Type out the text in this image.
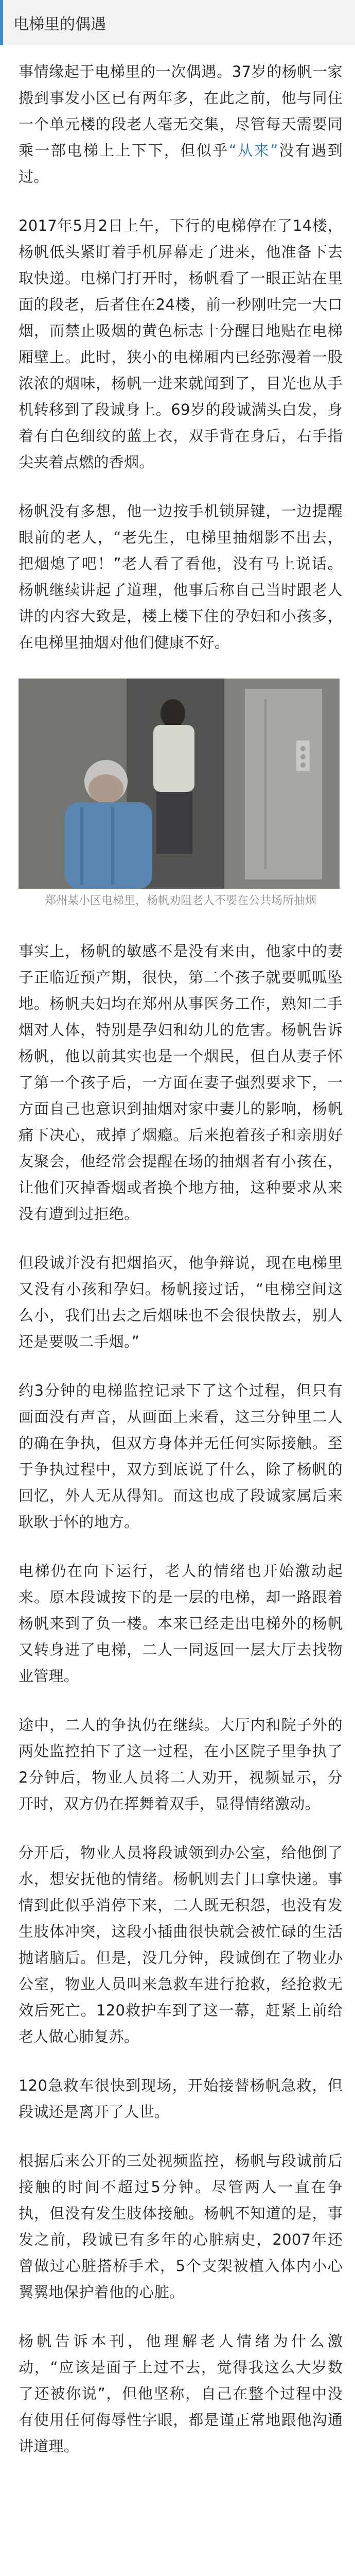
电梯里的偶遇

事情缘起于电梯里的一次偶遇。37岁的杨帆一家搬到事发小区已有两年多，在此之前，他与同住一个单元楼的段老人毫无交集，尽管每天需要同乘一部电梯上上下下，但似乎“从来”没有遇到过。

2017年5月2日上午，下行的电梯停在了14楼，杨帆低头紧盯着手机屏幕走了进来，他准备下去取快递。电梯门打开时，杨帆看了一眼正站在里面的段老，后者住在24楼，前一秒刚吐完一大口烟，而禁止吸烟的黄色标志十分醒目地贴在电梯厢壁上。此时，狭小的电梯厢内已经弥漫着一股浓浓的烟味，杨帆一进来就闻到了，目光也从手机转移到了段诚身上。69岁的段诚满头白发，身着有白色细纹的蓝上衣，双手背在身后，右手指尖夹着点燃的香烟。

杨帆没有多想，他一边按手机锁屏键，一边提醒眼前的老人，“老先生，电梯里抽烟影不出去，把烟熄了吧！”老人看了看他，没有马上说话。杨帆继续讲起了道理，他事后称自己当时跟老人讲的内容大致是，楼上楼下住的孕妇和小孩多，在电梯里抽烟对他们健康不好。

郑州某小区电梯里，杨帆劝阻老人不要在公共场所抽烟

事实上，杨帆的敏感不是没有来由，他家中的妻子正临近预产期，很快，第二个孩子就要呱呱坠地。杨帆夫妇均在郑州从事医务工作，熟知二手烟对人体，特别是孕妇和幼儿的危害。杨帆告诉杨帆，他以前其实也是一个烟民，但自从妻子怀了第一个孩子后，一方面在妻子强烈要求下，一方面自己也意识到抽烟对家中妻儿的影响，杨帆痛下决心，戒掉了烟瘾。后来抱着孩子和亲朋好友聚会，他经常会提醒在场的抽烟者有小孩在，让他们灭掉香烟或者换个地方抽，这种要求从来没有遭到过拒绝。

但段诚并没有把烟掐灭，他争辩说，现在电梯里又没有小孩和孕妇。杨帆接过话，“电梯空间这么小，我们出去之后烟味也不会很快散去，别人还是要吸二手烟。”

约3分钟的电梯监控记录下了这个过程，但只有画面没有声音，从画面上来看，这三分钟里二人的确在争执，但双方身体并无任何实际接触。至于争执过程中，双方到底说了什么，除了杨帆的回忆，外人无从得知。而这也成了段诚家属后来耿耿于怀的地方。

电梯仍在向下运行，老人的情绪也开始激动起来。原本段诚按下的是一层的电梯，却一路跟着杨帆来到了负一楼。本来已经走出电梯外的杨帆又转身进了电梯，二人一同返回一层大厅去找物业管理。

途中，二人的争执仍在继续。大厅内和院子外的两处监控拍下了这一过程，在小区院子里争执了2分钟后，物业人员将二人劝开，视频显示，分开时，双方仍在挥舞着双手，显得情绪激动。

分开后，物业人员将段诚领到办公室，给他倒了水，想安抚他的情绪。杨帆则去门口拿快递。事情到此似乎消停下来，二人既无积怨，也没有发生肢体冲突，这段小插曲很快就会被忙碌的生活抛诸脑后。但是，没几分钟，段诚倒在了物业办公室，物业人员叫来急救车进行抢救，经抢救无效后死亡。120救护车到了这一幕，赶紧上前给老人做心肺复苏。

120急救车很快到现场，开始接替杨帆急救，但段诚还是离开了人世。

根据后来公开的三处视频监控，杨帆与段诚前后接触的时间不超过5分钟。尽管两人一直在争执，但没有发生肢体接触。杨帆不知道的是，事发之前，段诚已有多年的心脏病史，2007年还曾做过心脏搭桥手术，5个支架被植入体内小心翼翼地保护着他的心脏。

杨帆告诉本刊，他理解老人情绪为什么激动，“应该是面子上过不去，觉得我这么大岁数了还被你说”，但他坚称，自己在整个过程中没有使用任何侮辱性字眼，都是谨正常地跟他沟通讲道理。
